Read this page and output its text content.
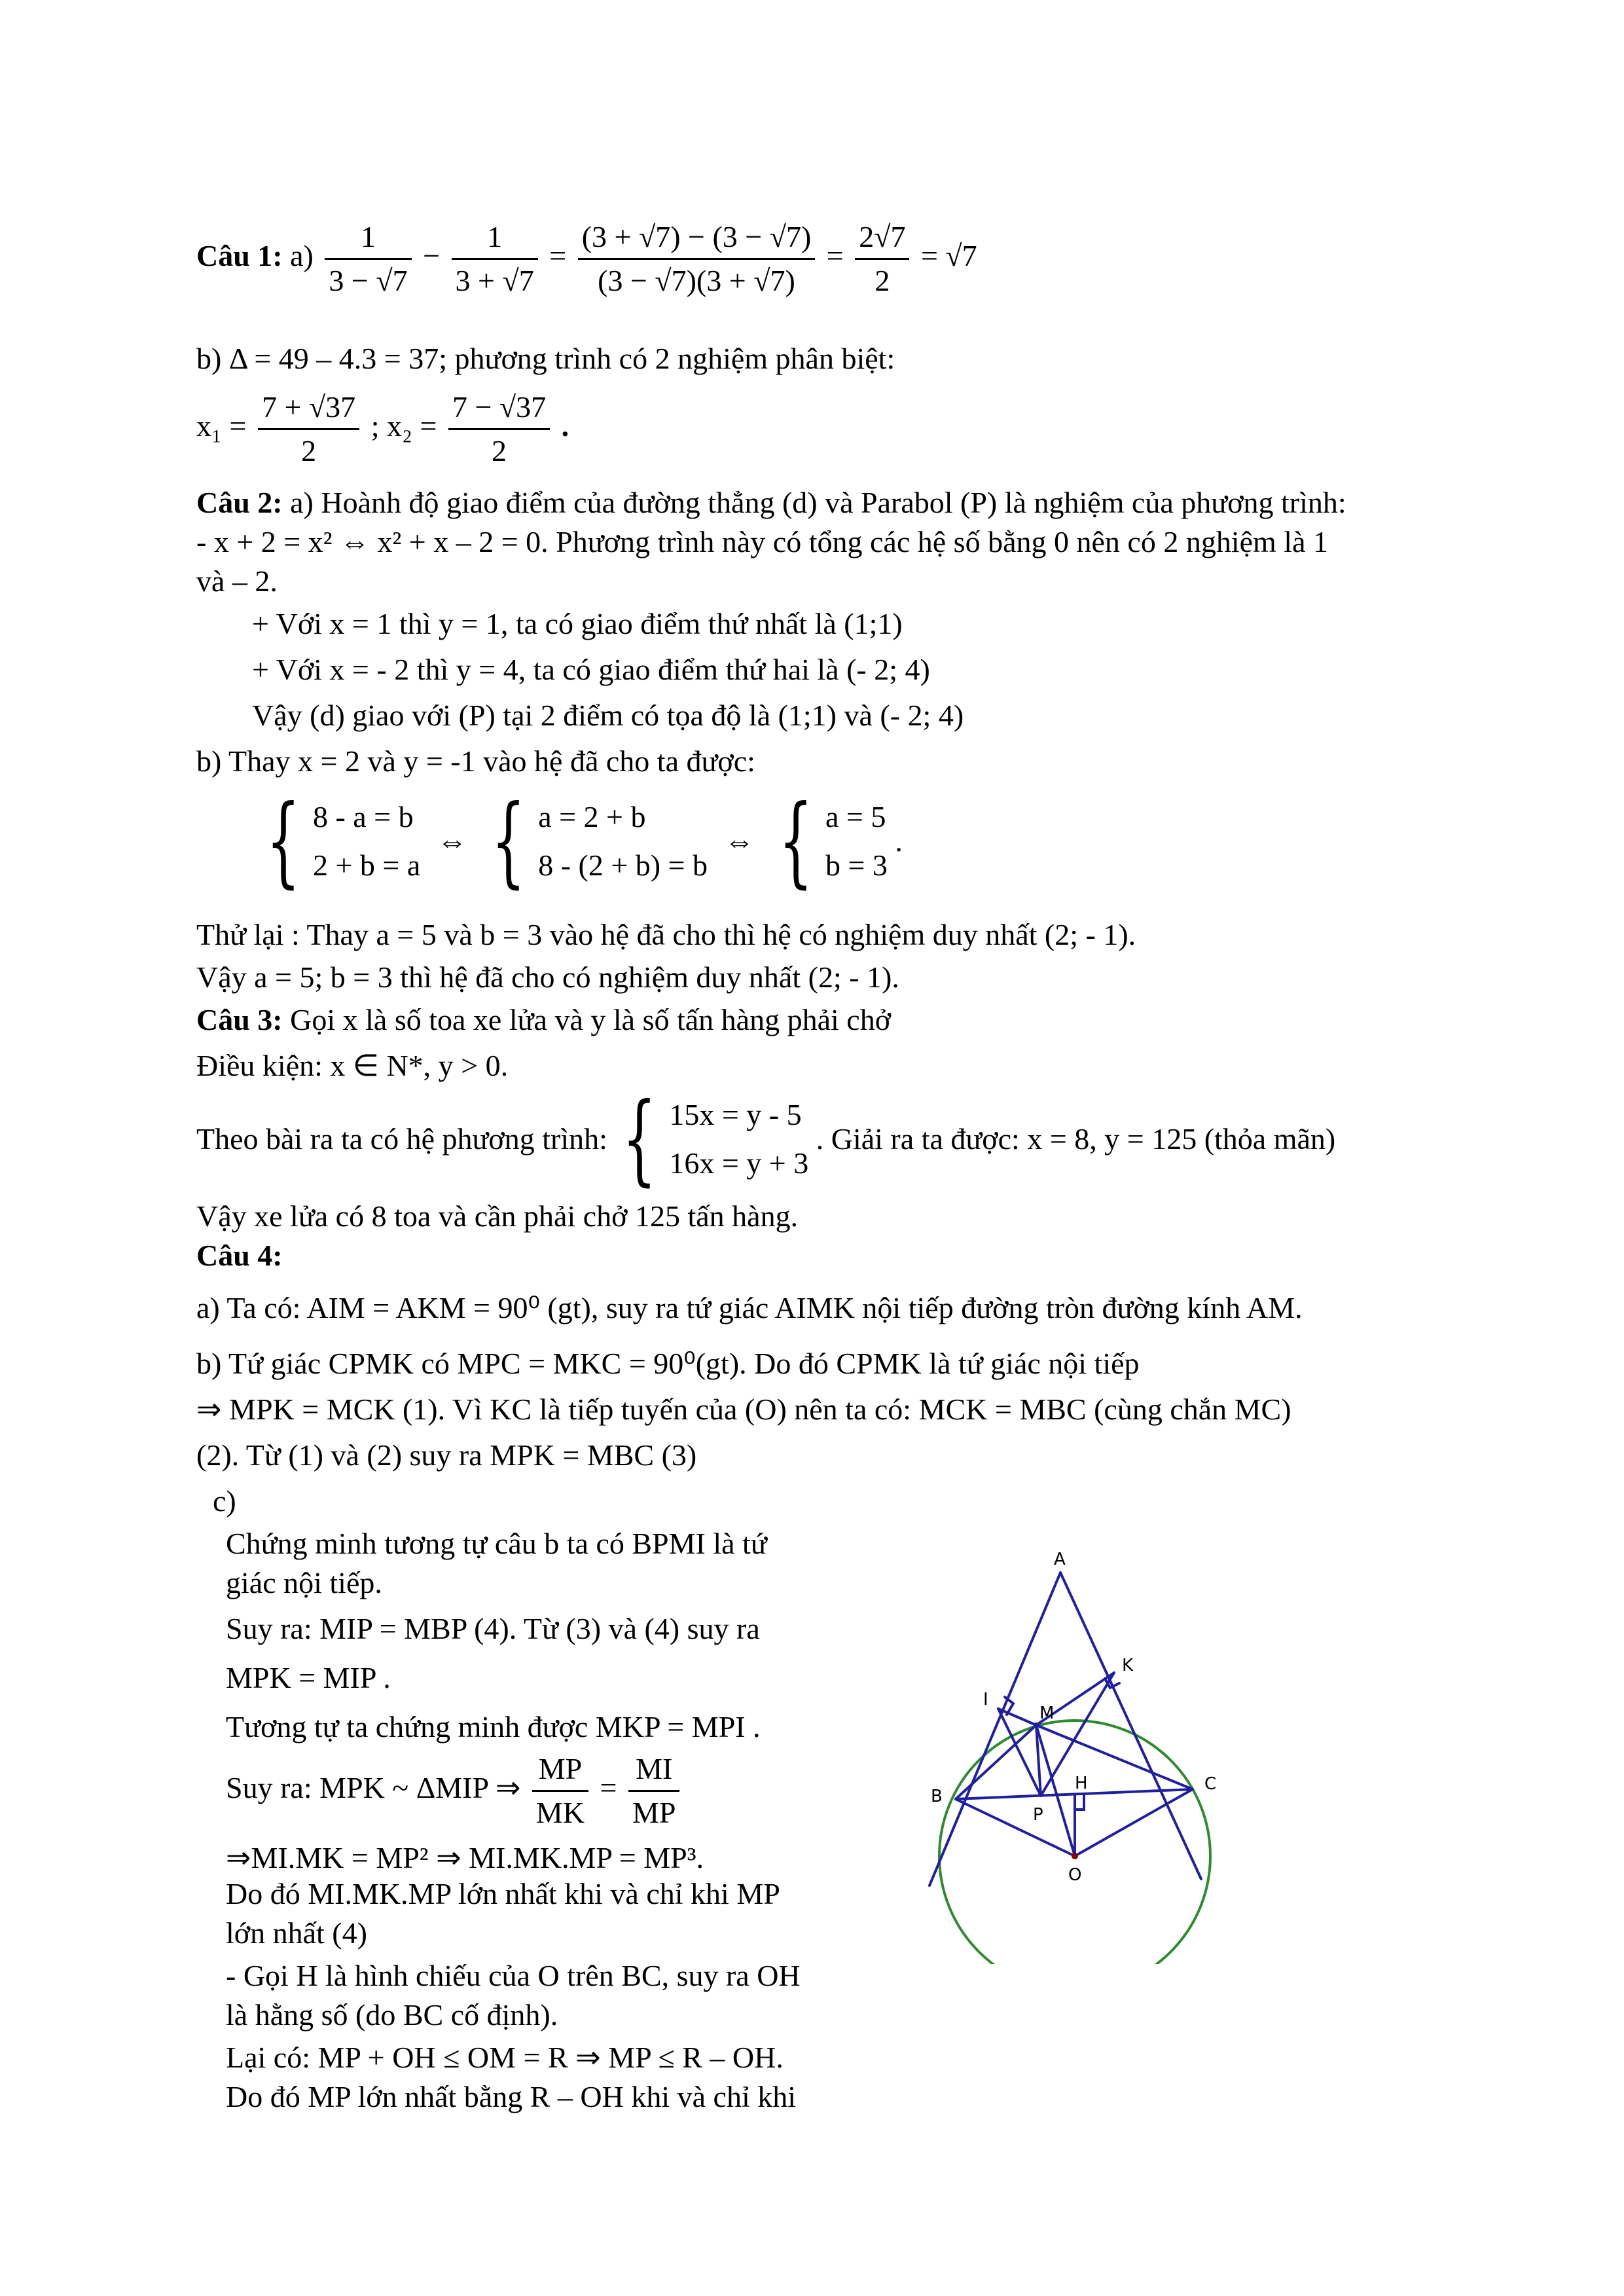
Câu 1: $a) \frac{1}{3 - √7} - \frac{1}{3 + √7} = \frac{(3 + √7) - (3 - √7)}{(3 - √7)(3 + √7)} = \frac{2√7}{2} = √7$
b) Δ = 49 – 4.3 = 37; phương trình có 2 nghiệm phân biệt:
$x_1 = \frac{7 + √37}{2}$ ; $x_2 = \frac{7 - √37}{2}$ .
Câu 2: a) Hoành độ giao điểm của đường thẳng (d) và Parabol (P) là nghiệm của phương trình:
- x + 2 = x² ⇔ x² + x – 2 = 0. Phương trình này có tổng các hệ số bằng 0 nên có 2 nghiệm là 1
và – 2.
+ Với x = 1 thì y = 1, ta có giao điểm thứ nhất là (1;1)
+ Với x = - 2 thì y = 4, ta có giao điểm thứ hai là (- 2; 4)
Vậy (d) giao với (P) tại 2 điểm có tọa độ là (1;1) và (- 2; 4)
b) Thay x = 2 và y = -1 vào hệ đã cho ta được:
{ 8 - a = b
2 + b = a
⇔ { a = 2 + b
8 - (2 + b) = b
⇔ { a = 5
b = 3
.
Thử lại : Thay a = 5 và b = 3 vào hệ đã cho thì hệ có nghiệm duy nhất (2; - 1).
Vậy a = 5; b = 3 thì hệ đã cho có nghiệm duy nhất (2; - 1).
Câu 3: Gọi x là số toa xe lửa và y là số tấn hàng phải chở
Điều kiện: x ∈ N*, y > 0.
Theo bài ra ta có hệ phương trình: { 15x = y - 5
16x = y + 3
. Giải ra ta được: x = 8, y = 125 (thỏa mãn)
Vậy xe lửa có 8 toa và cần phải chở 125 tấn hàng.
Câu 4:
a) Ta có: AIM = AKM = 90⁰ (gt), suy ra tứ giác AIMK nội tiếp đường tròn đường kính AM.
b) Tứ giác CPMK có MPC = MKC = 90⁰(gt). Do đó CPMK là tứ giác nội tiếp
⇒ MPK = MCK (1). Vì KC là tiếp tuyến của (O) nên ta có: MCK = MBC (cùng chắn MC)
(2). Từ (1) và (2) suy ra MPK = MBC (3)
c)
Chứng minh tương tự câu b ta có BPMI là tứ
giác nội tiếp.
Suy ra: MIP = MBP (4). Từ (3) và (4) suy ra
MPK = MIP .
Tương tự ta chứng minh được MKP = MPI .
Suy ra: MPK ~ ΔMIP ⇒ $\frac{MP}{MK} = \frac{MI}{MP}$
⇒MI.MK = MP² ⇒ MI.MK.MP = MP³.
Do đó MI.MK.MP lớn nhất khi và chỉ khi MP
lớn nhất (4)
- Gọi H là hình chiếu của O trên BC, suy ra OH
là hằng số (do BC cố định).
Lại có: MP + OH ≤ OM = R ⇒ MP ≤ R – OH.
Do đó MP lớn nhất bằng R – OH khi và chỉ khi
A
K
I
M
H
B
C
P
O
